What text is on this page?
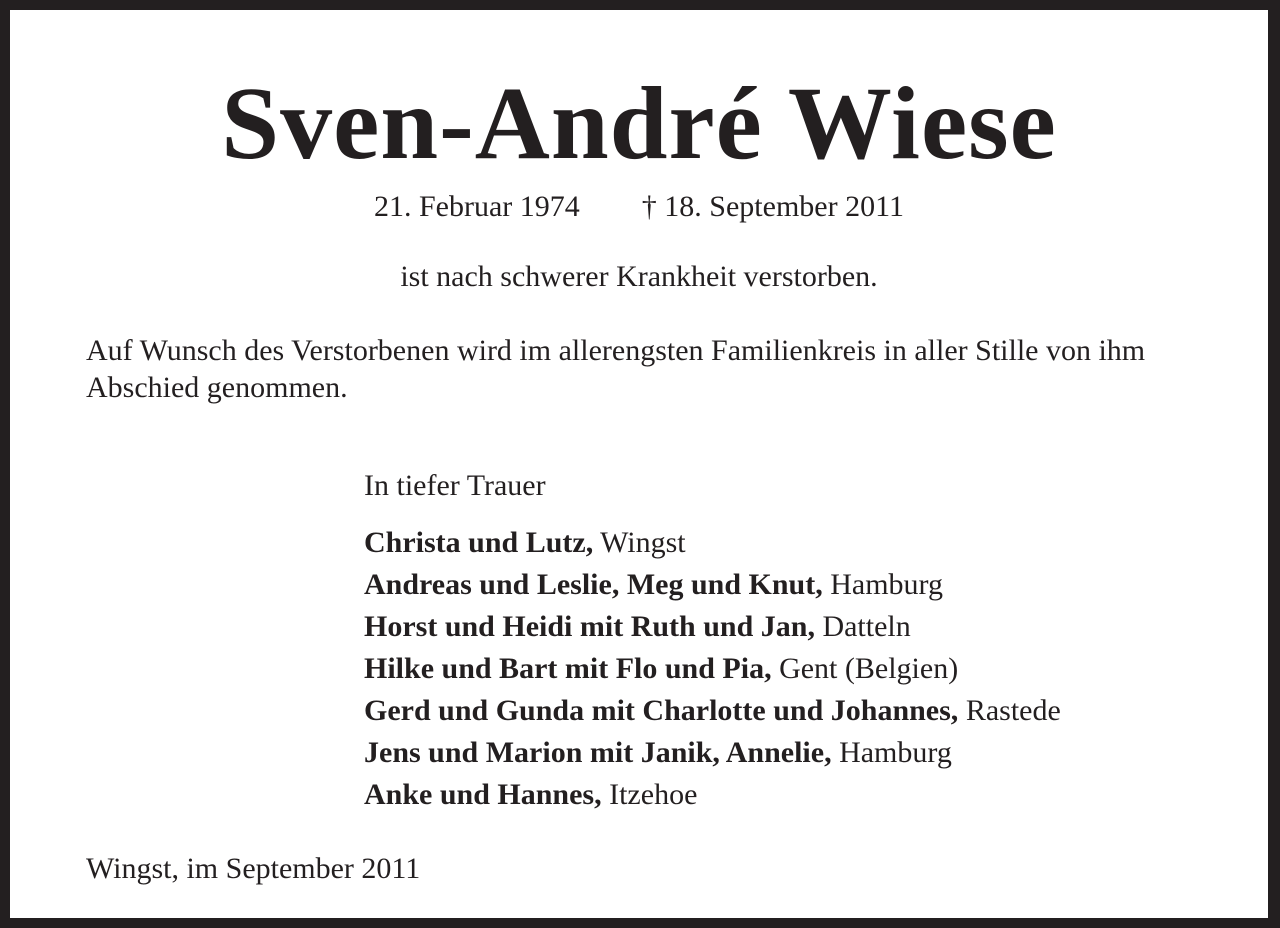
Sven-André Wiese
21. Februar 1974 † 18. September 2011
ist nach schwerer Krankheit verstorben.
Auf Wunsch des Verstorbenen wird im allerengsten Familienkreis in aller Stille von ihm Abschied genommen.
In tiefer Trauer
Christa und Lutz, Wingst
Andreas und Leslie, Meg und Knut, Hamburg
Horst und Heidi mit Ruth und Jan, Datteln
Hilke und Bart mit Flo und Pia, Gent (Belgien)
Gerd und Gunda mit Charlotte und Johannes, Rastede
Jens und Marion mit Janik, Annelie, Hamburg
Anke und Hannes, Itzehoe
Wingst, im September 2011
